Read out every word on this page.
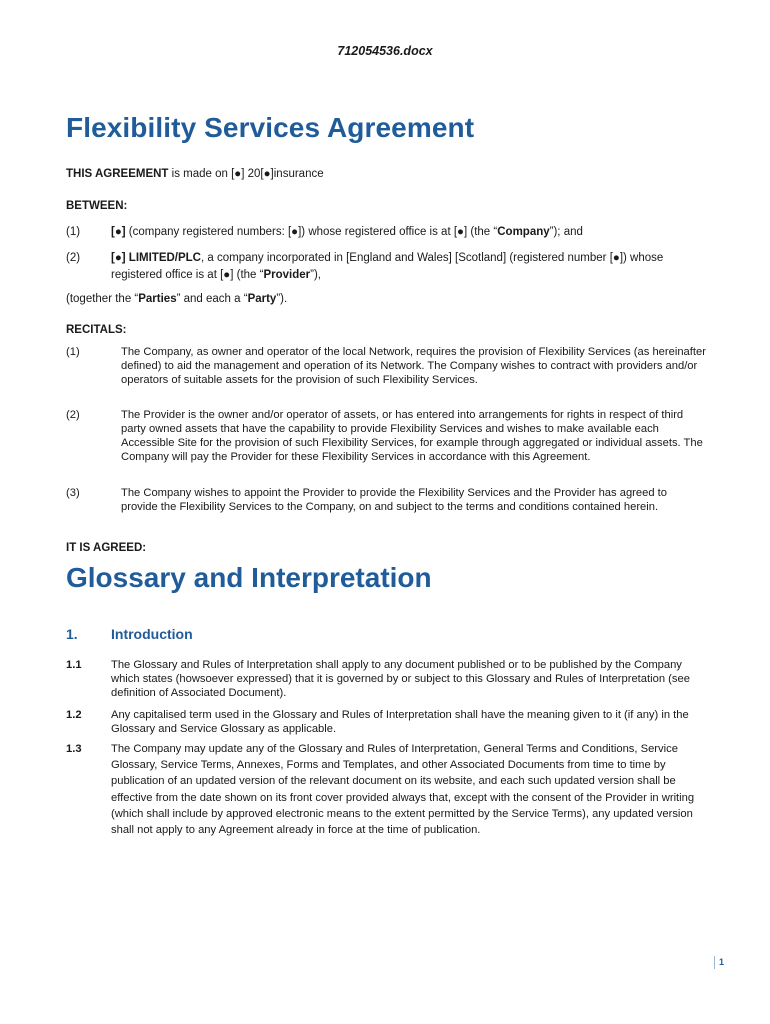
712054536.docx
Flexibility Services Agreement
THIS AGREEMENT is made on [●] 20[●]insurance
BETWEEN:
(1)	[●] (company registered numbers: [●]) whose registered office is at [●] (the “Company”); and
(2)	[●] LIMITED/PLC, a company incorporated in [England and Wales] [Scotland] (registered number [●]) whose registered office is at [●] (the “Provider”),
(together the “Parties” and each a “Party”).
RECITALS:
(1)	The Company, as owner and operator of the local Network, requires the provision of Flexibility Services (as hereinafter defined) to aid the management and operation of its Network. The Company wishes to contract with providers and/or operators of suitable assets for the provision of such Flexibility Services.
(2)	The Provider is the owner and/or operator of assets, or has entered into arrangements for rights in respect of third party owned assets that have the capability to provide Flexibility Services and wishes to make available each Accessible Site for the provision of such Flexibility Services, for example through aggregated or individual assets. The Company will pay the Provider for these Flexibility Services in accordance with this Agreement.
(3)	The Company wishes to appoint the Provider to provide the Flexibility Services and the Provider has agreed to provide the Flexibility Services to the Company, on and subject to the terms and conditions contained herein.
IT IS AGREED:
Glossary and Interpretation
1. Introduction
1.1	The Glossary and Rules of Interpretation shall apply to any document published or to be published by the Company which states (howsoever expressed) that it is governed by or subject to this Glossary and Rules of Interpretation (see definition of Associated Document).
1.2	Any capitalised term used in the Glossary and Rules of Interpretation shall have the meaning given to it (if any) in the Glossary and Service Glossary as applicable.
1.3	The Company may update any of the Glossary and Rules of Interpretation, General Terms and Conditions, Service Glossary, Service Terms, Annexes, Forms and Templates, and other Associated Documents from time to time by publication of an updated version of the relevant document on its website, and each such updated version shall be effective from the date shown on its front cover provided always that, except with the consent of the Provider in writing (which shall include by approved electronic means to the extent permitted by the Service Terms), any updated version shall not apply to any Agreement already in force at the time of publication.
1
